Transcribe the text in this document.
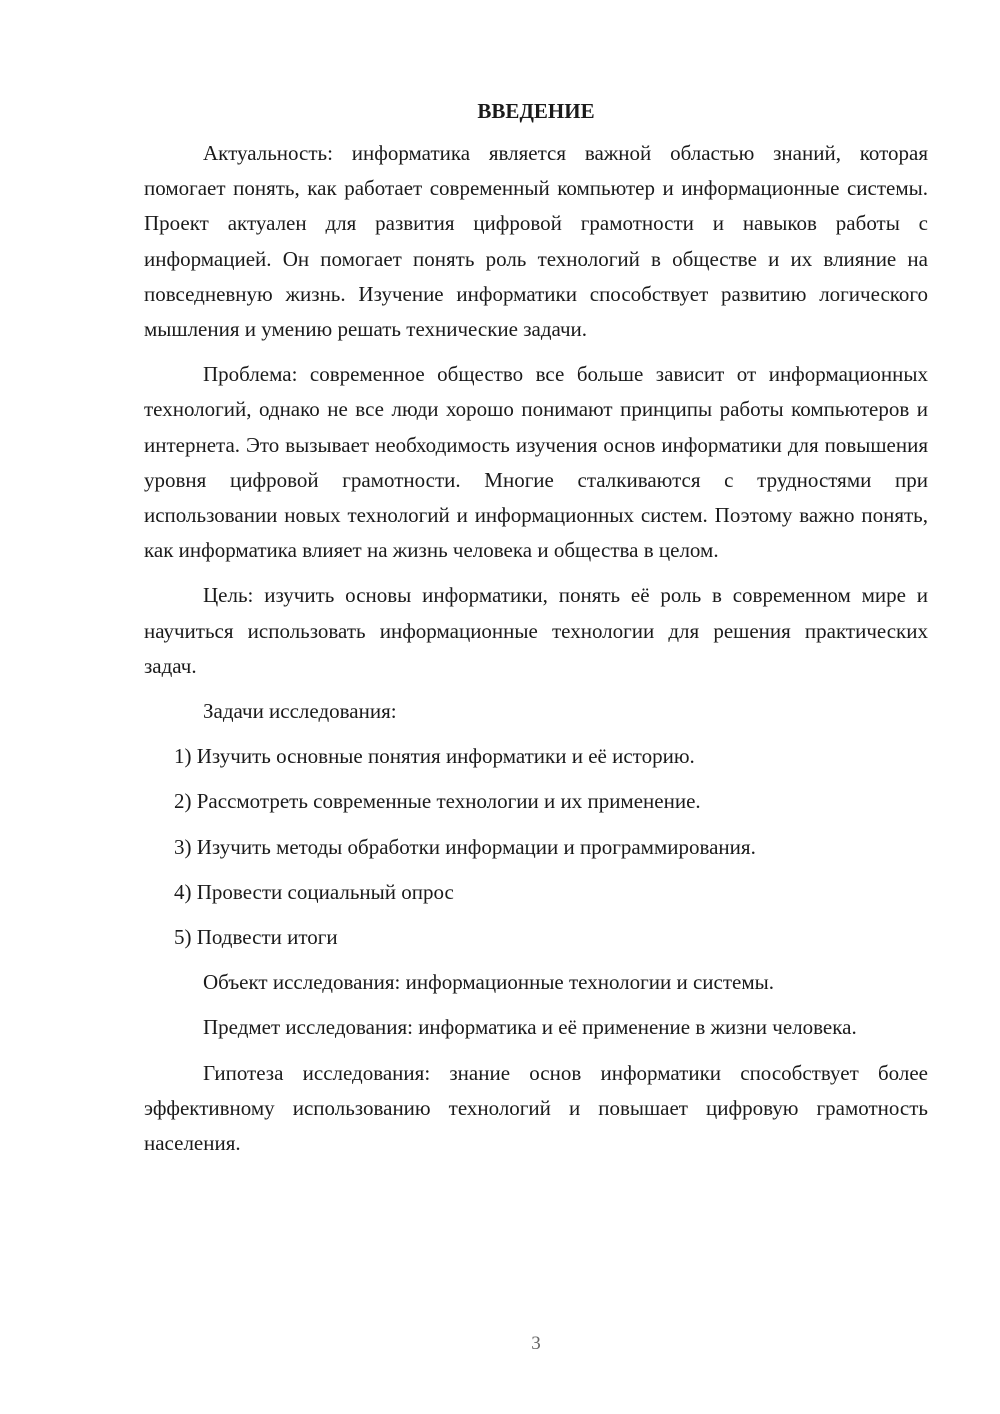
ВВЕДЕНИЕ

Актуальность: информатика является важной областью знаний, которая помогает понять, как работает современный компьютер и информационные системы. Проект актуален для развития цифровой грамотности и навыков работы с информацией. Он помогает понять роль технологий в обществе и их влияние на повседневную жизнь. Изучение информатики способствует развитию логического мышления и умению решать технические задачи.

Проблема: современное общество все больше зависит от информационных технологий, однако не все люди хорошо понимают принципы работы компьютеров и интернета. Это вызывает необходимость изучения основ информатики для повышения уровня цифровой грамотности. Многие сталкиваются с трудностями при использовании новых технологий и информационных систем. Поэтому важно понять, как информатика влияет на жизнь человека и общества в целом.

Цель: изучить основы информатики, понять её роль в современном мире и научиться использовать информационные технологии для решения практических задач.

Задачи исследования:

1) Изучить основные понятия информатики и её историю.
2) Рассмотреть современные технологии и их применение.
3) Изучить методы обработки информации и программирования.
4) Провести социальный опрос
5) Подвести итоги

Объект исследования: информационные технологии и системы.

Предмет исследования: информатика и её применение в жизни человека.

Гипотеза исследования: знание основ информатики способствует более эффективному использованию технологий и повышает цифровую грамотность населения.

3
